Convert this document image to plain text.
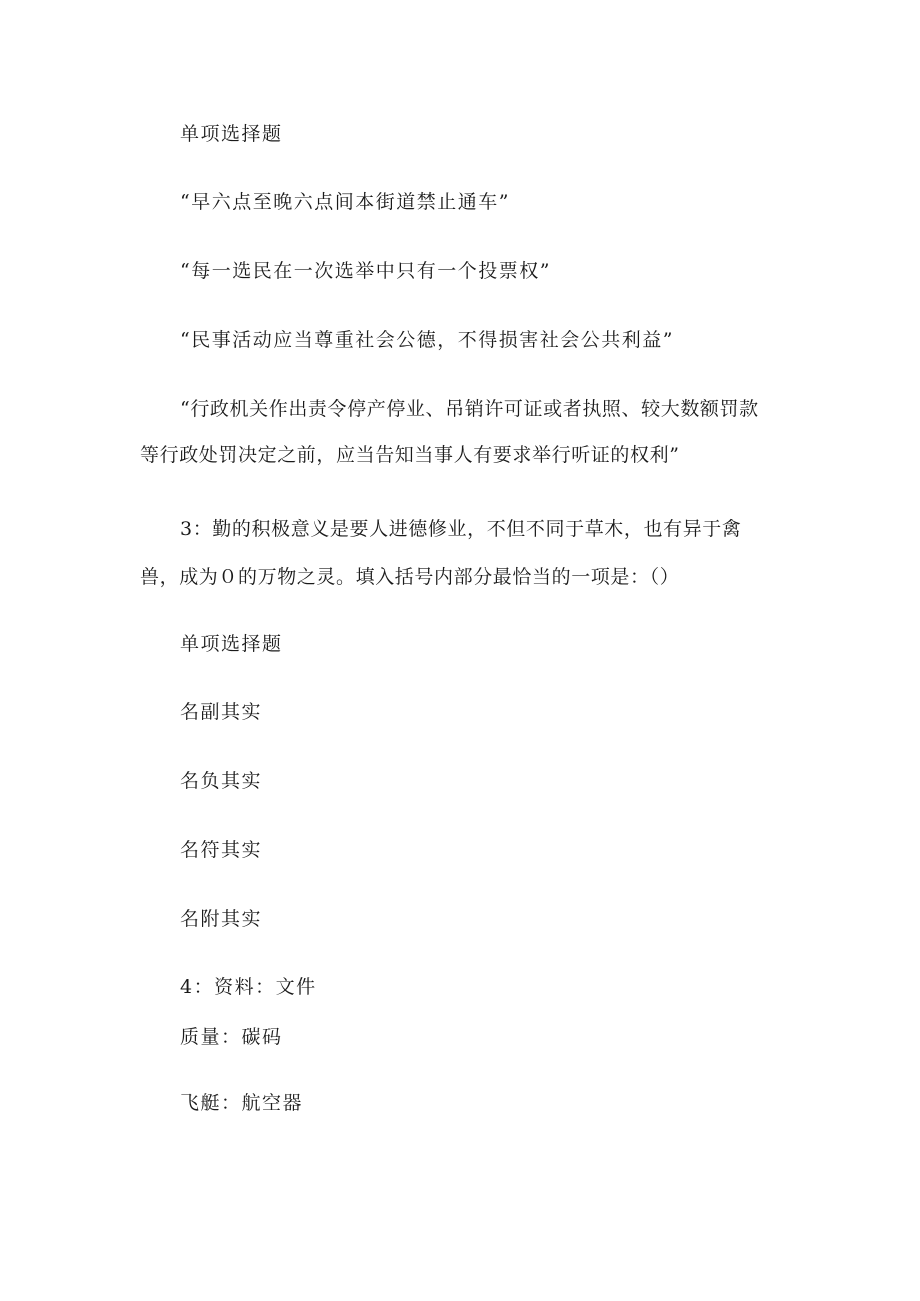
单项选择题
“早六点至晚六点间本街道禁止通车”
“每一选民在一次选举中只有一个投票权”
“民事活动应当尊重社会公德，不得损害社会公共利益”
“行政机关作出责令停产停业、吊销许可证或者执照、较大数额罚款
等行政处罚决定之前，应当告知当事人有要求举行听证的权利”
3：勤的积极意义是要人进德修业，不但不同于草木，也有异于禽
兽，成为０的万物之灵。填入括号内部分最恰当的一项是：（）
单项选择题
名副其实
名负其实
名符其实
名附其实
4：资料：文件
质量：碳码
飞艇：航空器
